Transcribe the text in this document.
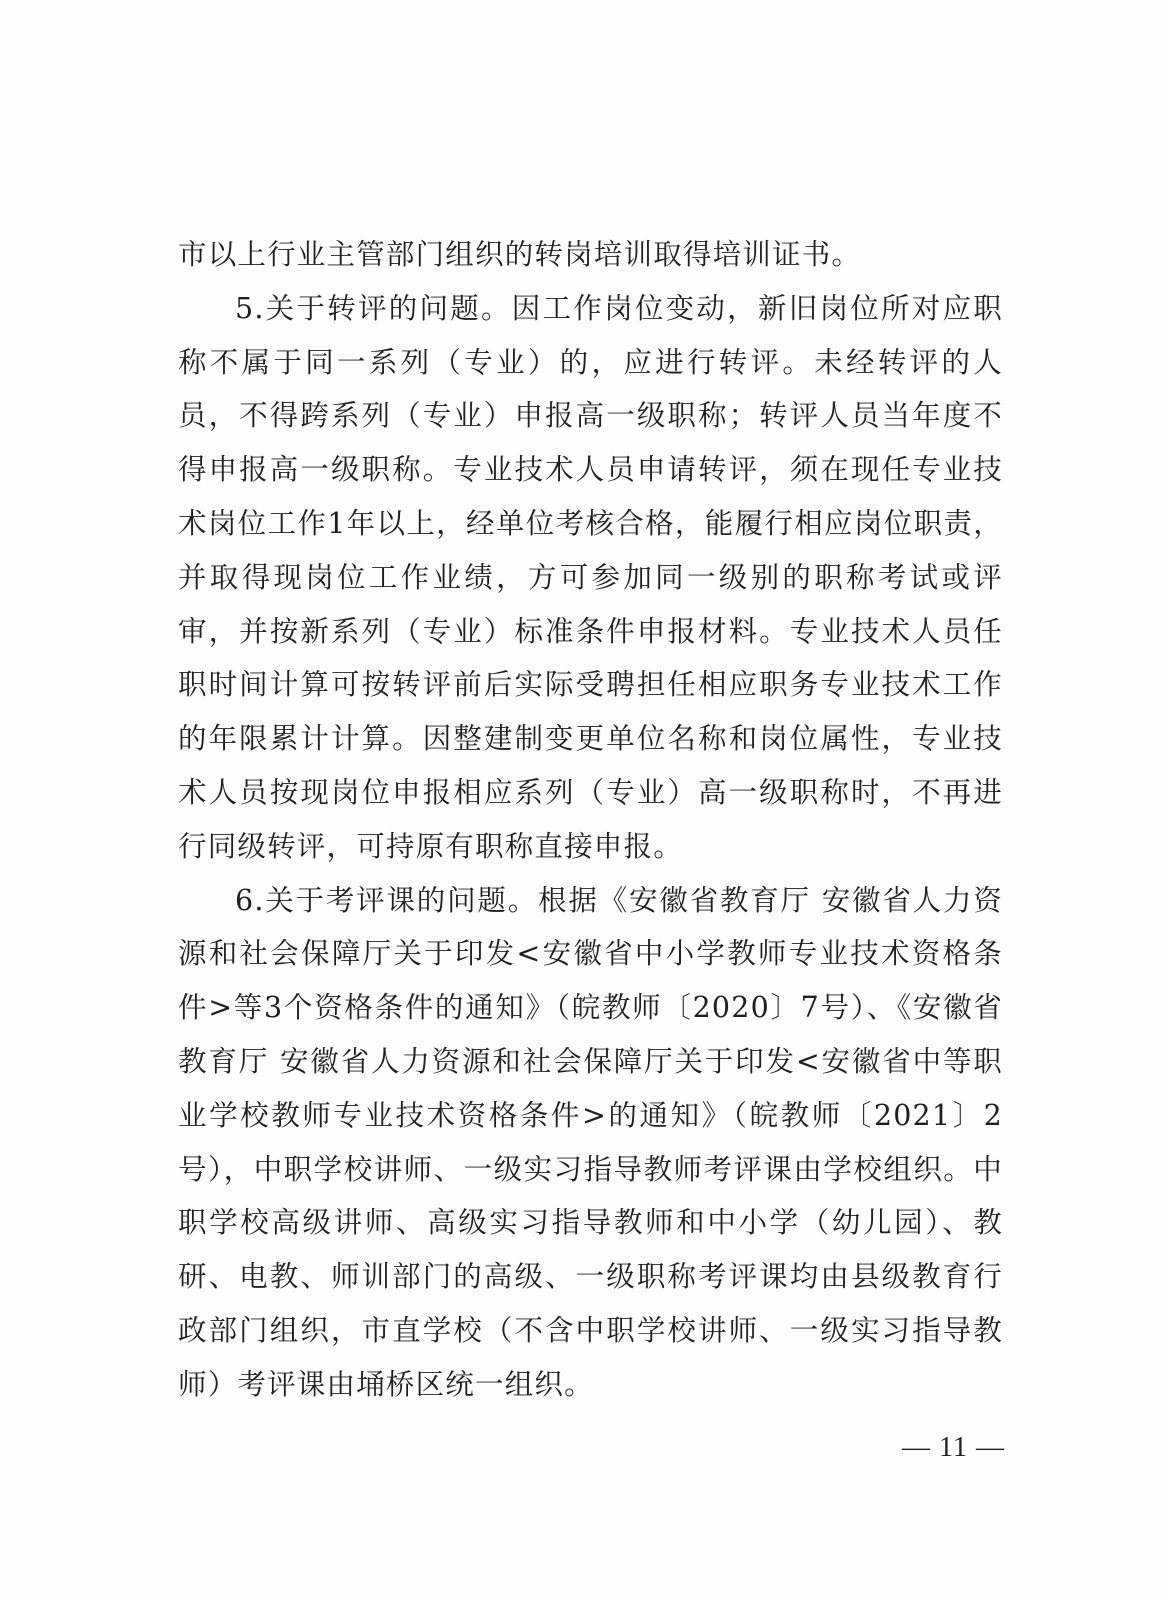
市以上行业主管部门组织的转岗培训取得培训证书。

5.关于转评的问题。因工作岗位变动，新旧岗位所对应职称不属于同一系列（专业）的，应进行转评。未经转评的人员，不得跨系列（专业）申报高一级职称；转评人员当年度不得申报高一级职称。专业技术人员申请转评，须在现任专业技术岗位工作1年以上，经单位考核合格，能履行相应岗位职责，并取得现岗位工作业绩，方可参加同一级别的职称考试或评审，并按新系列（专业）标准条件申报材料。专业技术人员任职时间计算可按转评前后实际受聘担任相应职务专业技术工作的年限累计计算。因整建制变更单位名称和岗位属性，专业技术人员按现岗位申报相应系列（专业）高一级职称时，不再进行同级转评，可持原有职称直接申报。

6.关于考评课的问题。根据《安徽省教育厅 安徽省人力资源和社会保障厅关于印发<安徽省中小学教师专业技术资格条件>等3个资格条件的通知》（皖教师〔2020〕7号）、《安徽省教育厅 安徽省人力资源和社会保障厅关于印发<安徽省中等职业学校教师专业技术资格条件>的通知》（皖教师〔2021〕2号），中职学校讲师、一级实习指导教师考评课由学校组织。中职学校高级讲师、高级实习指导教师和中小学（幼儿园）、教研、电教、师训部门的高级、一级职称考评课均由县级教育行政部门组织，市直学校（不含中职学校讲师、一级实习指导教师）考评课由埇桥区统一组织。

— 11 —
